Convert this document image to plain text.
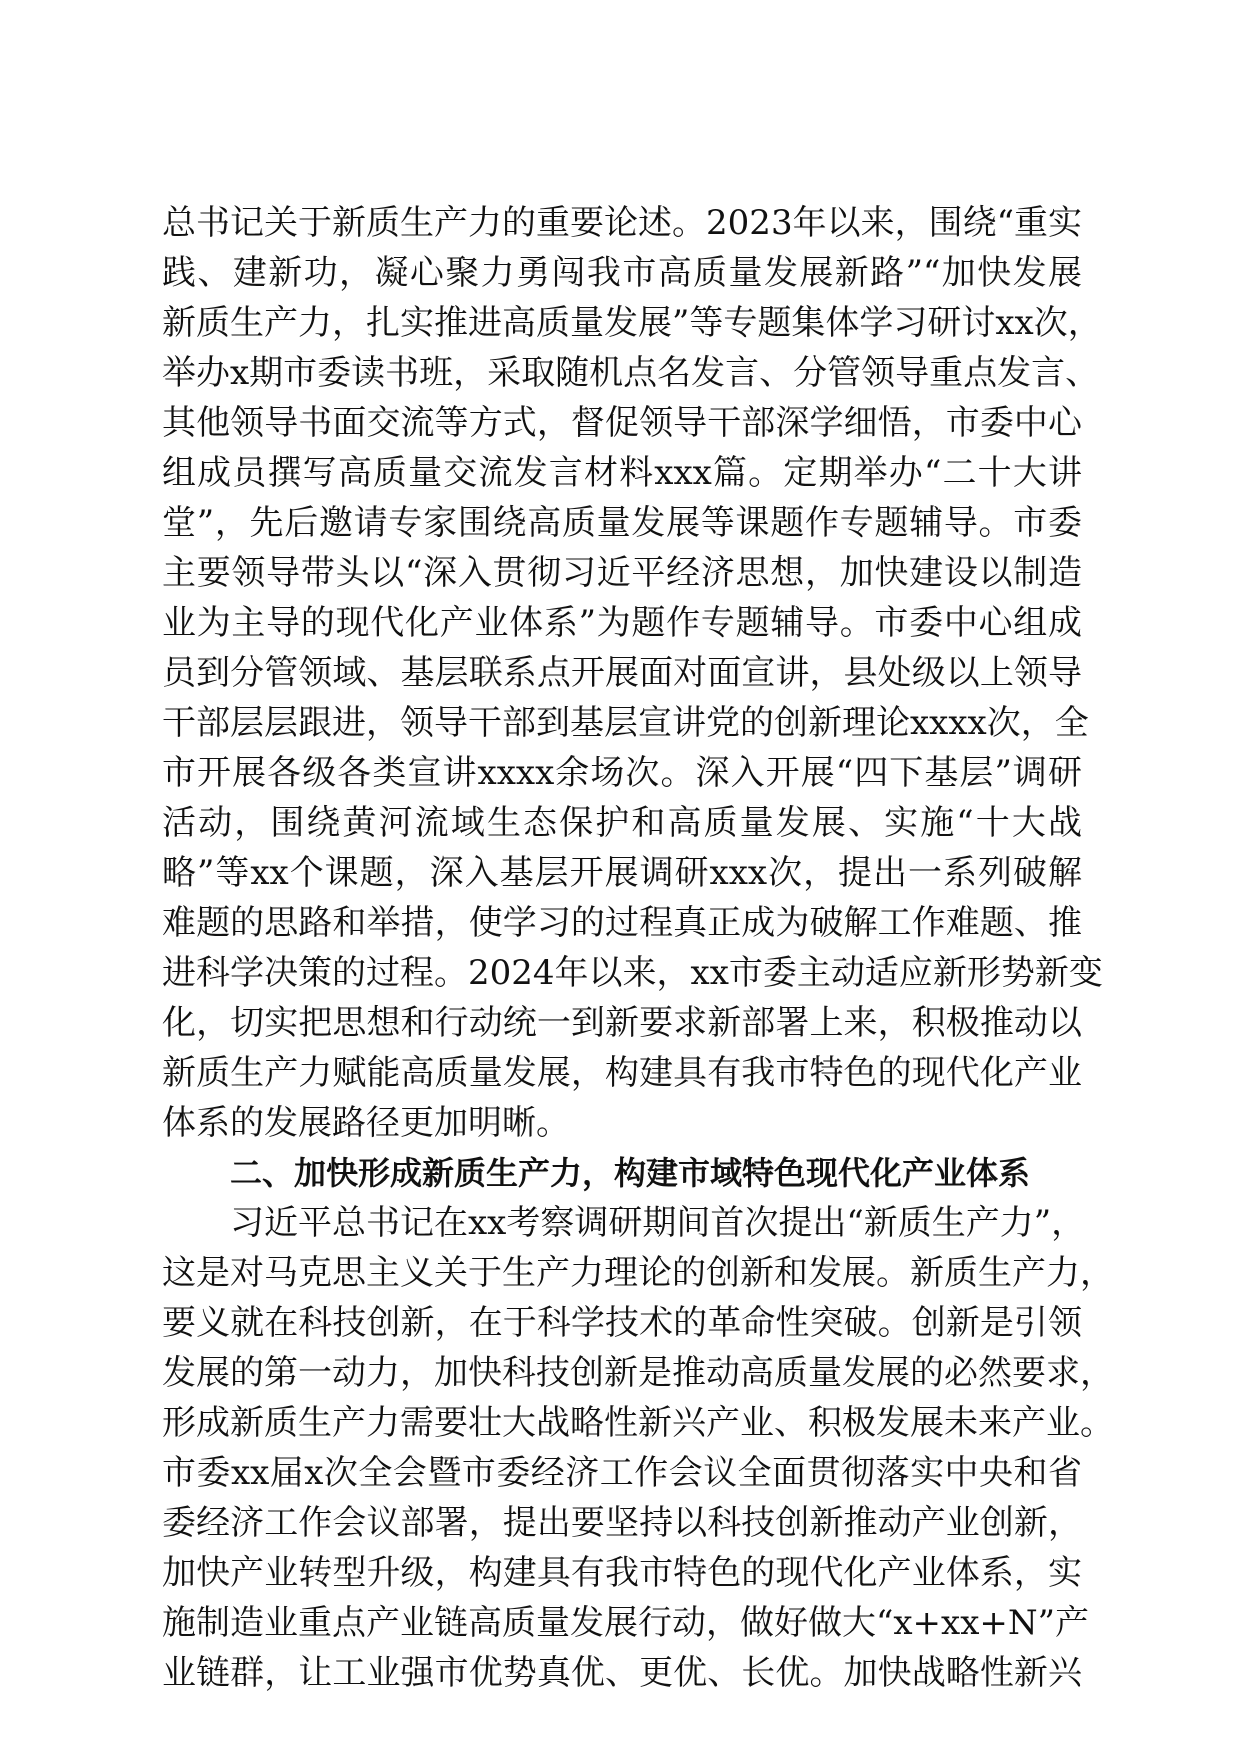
总书记关于新质生产力的重要论述。2023年以来，围绕“重实
践、建新功，凝心聚力勇闯我市高质量发展新路”“加快发展
新质生产力，扎实推进高质量发展”等专题集体学习研讨xx次，
举办x期市委读书班，采取随机点名发言、分管领导重点发言、
其他领导书面交流等方式，督促领导干部深学细悟，市委中心
组成员撰写高质量交流发言材料xxx篇。定期举办“二十大讲
堂”，先后邀请专家围绕高质量发展等课题作专题辅导。市委
主要领导带头以“深入贯彻习近平经济思想，加快建设以制造
业为主导的现代化产业体系”为题作专题辅导。市委中心组成
员到分管领域、基层联系点开展面对面宣讲，县处级以上领导
干部层层跟进，领导干部到基层宣讲党的创新理论xxxx次，全
市开展各级各类宣讲xxxx余场次。深入开展“四下基层”调研
活动，围绕黄河流域生态保护和高质量发展、实施“十大战
略”等xx个课题，深入基层开展调研xxx次，提出一系列破解
难题的思路和举措，使学习的过程真正成为破解工作难题、推
进科学决策的过程。2024年以来，xx市委主动适应新形势新变
化，切实把思想和行动统一到新要求新部署上来，积极推动以
新质生产力赋能高质量发展，构建具有我市特色的现代化产业
体系的发展路径更加明晰。
二、加快形成新质生产力，构建市域特色现代化产业体系
习近平总书记在xx考察调研期间首次提出“新质生产力”，
这是对马克思主义关于生产力理论的创新和发展。新质生产力，
要义就在科技创新，在于科学技术的革命性突破。创新是引领
发展的第一动力，加快科技创新是推动高质量发展的必然要求，
形成新质生产力需要壮大战略性新兴产业、积极发展未来产业。
市委xx届x次全会暨市委经济工作会议全面贯彻落实中央和省
委经济工作会议部署，提出要坚持以科技创新推动产业创新，
加快产业转型升级，构建具有我市特色的现代化产业体系，实
施制造业重点产业链高质量发展行动，做好做大“x+xx+N”产
业链群，让工业强市优势真优、更优、长优。加快战略性新兴
